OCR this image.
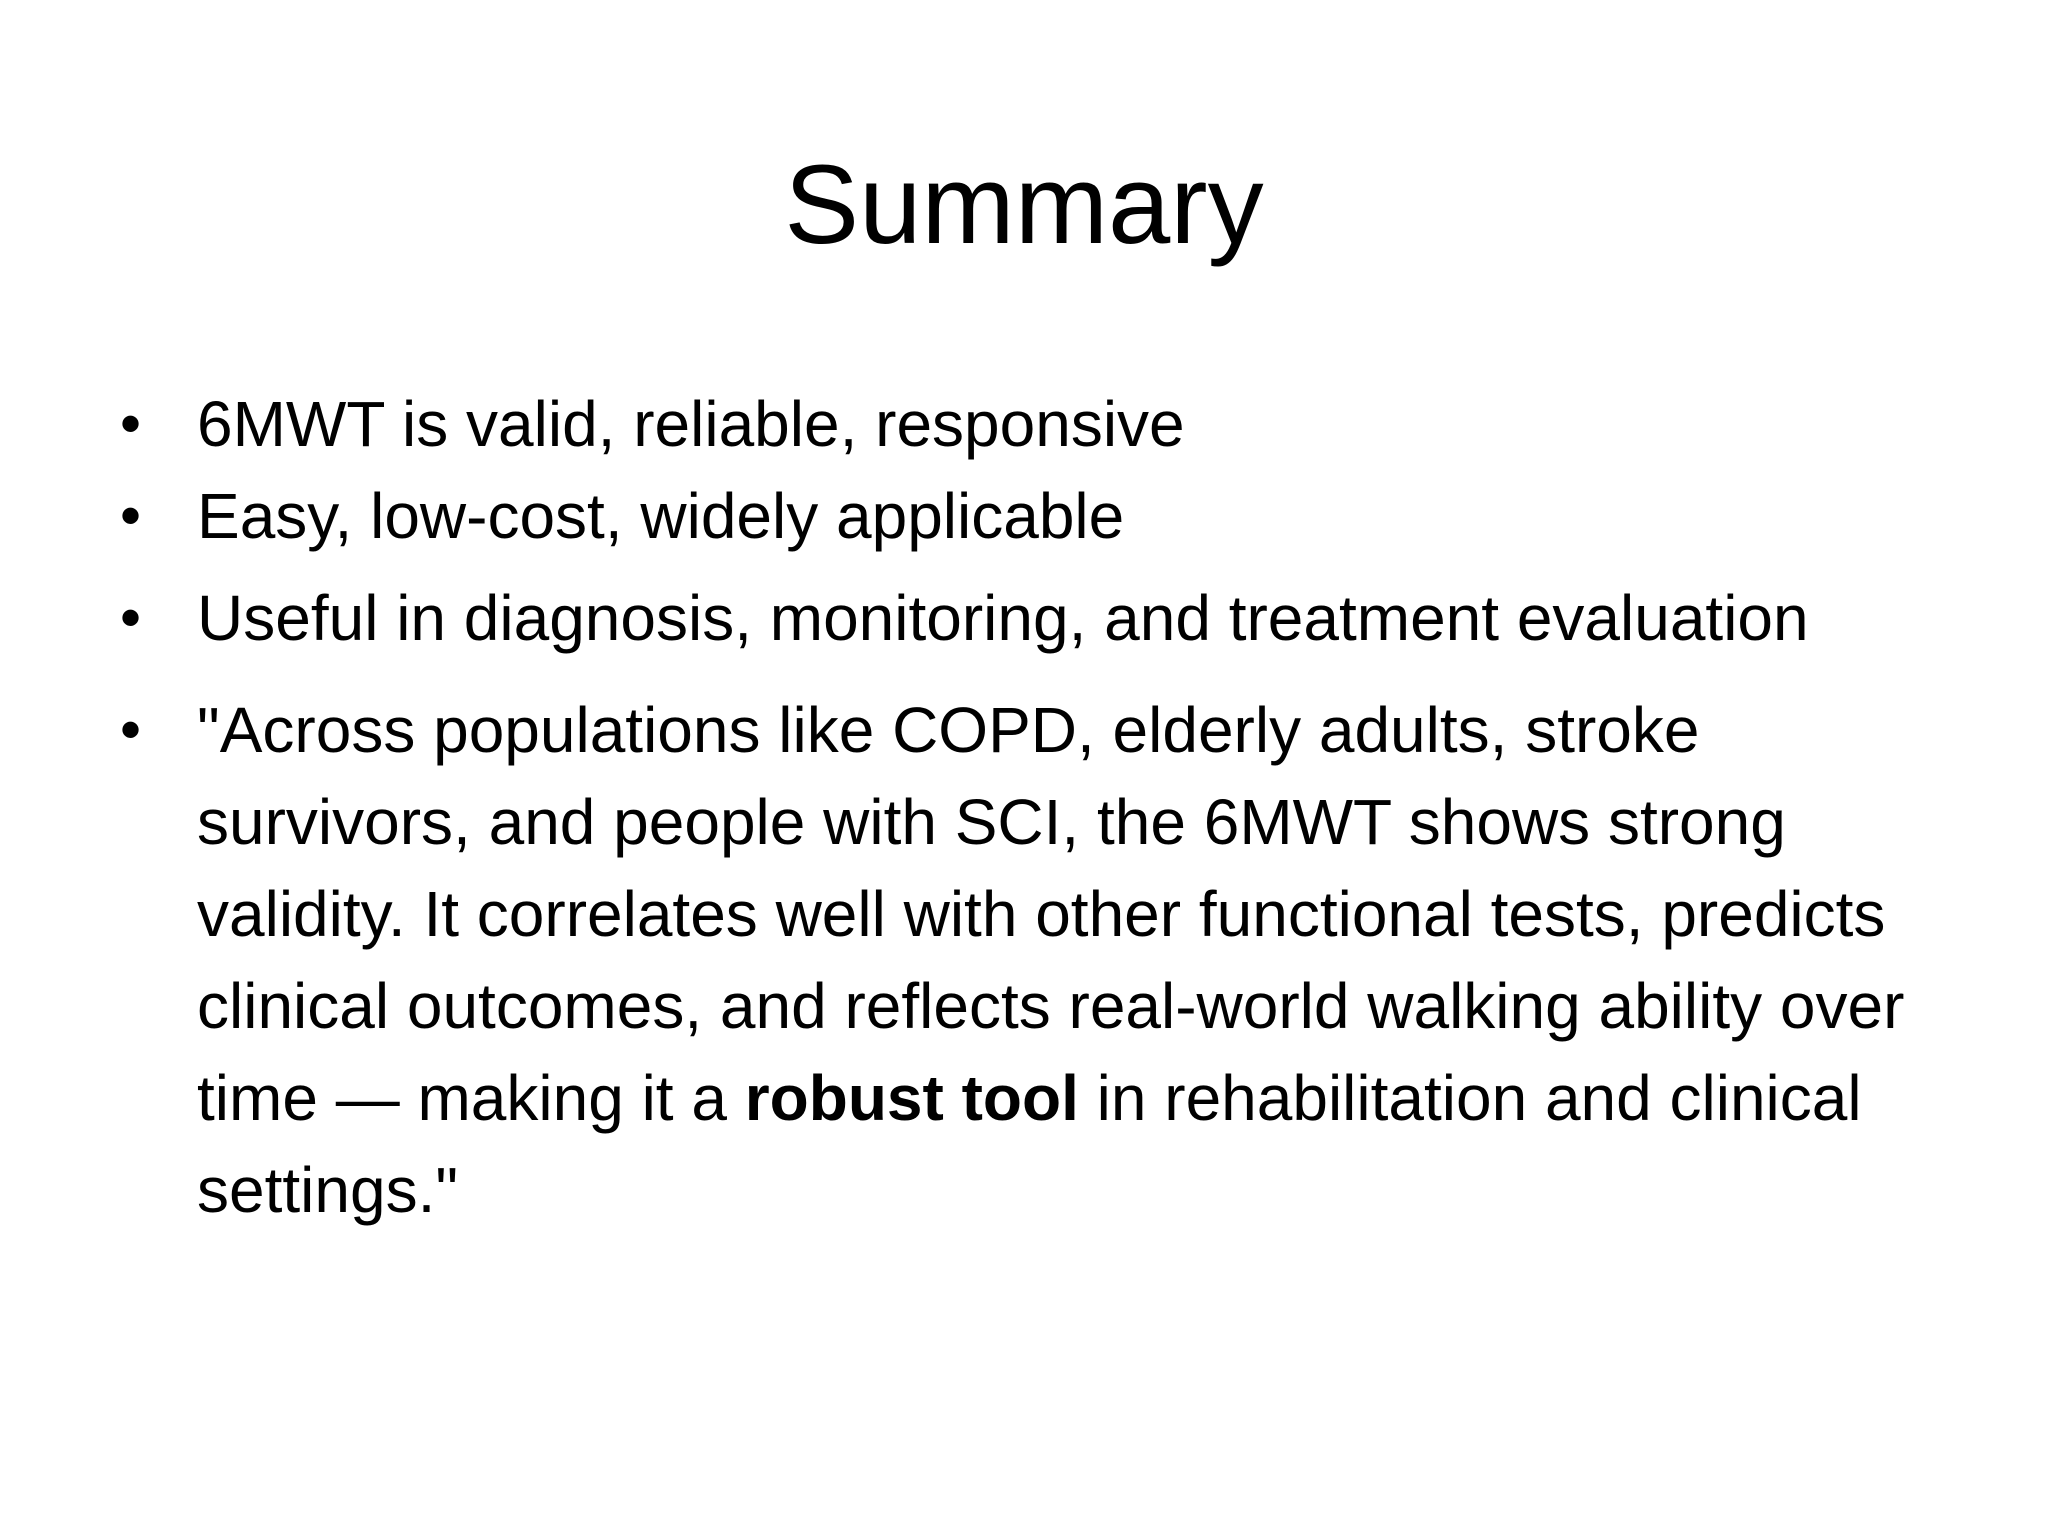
Summary
• 6MWT is valid, reliable, responsive
• Easy, low-cost, widely applicable
• Useful in diagnosis, monitoring, and treatment evaluation
• "Across populations like COPD, elderly adults, stroke survivors, and people with SCI, the 6MWT shows strong validity. It correlates well with other functional tests, predicts clinical outcomes, and reflects real-world walking ability over time — making it a robust tool in rehabilitation and clinical settings."
